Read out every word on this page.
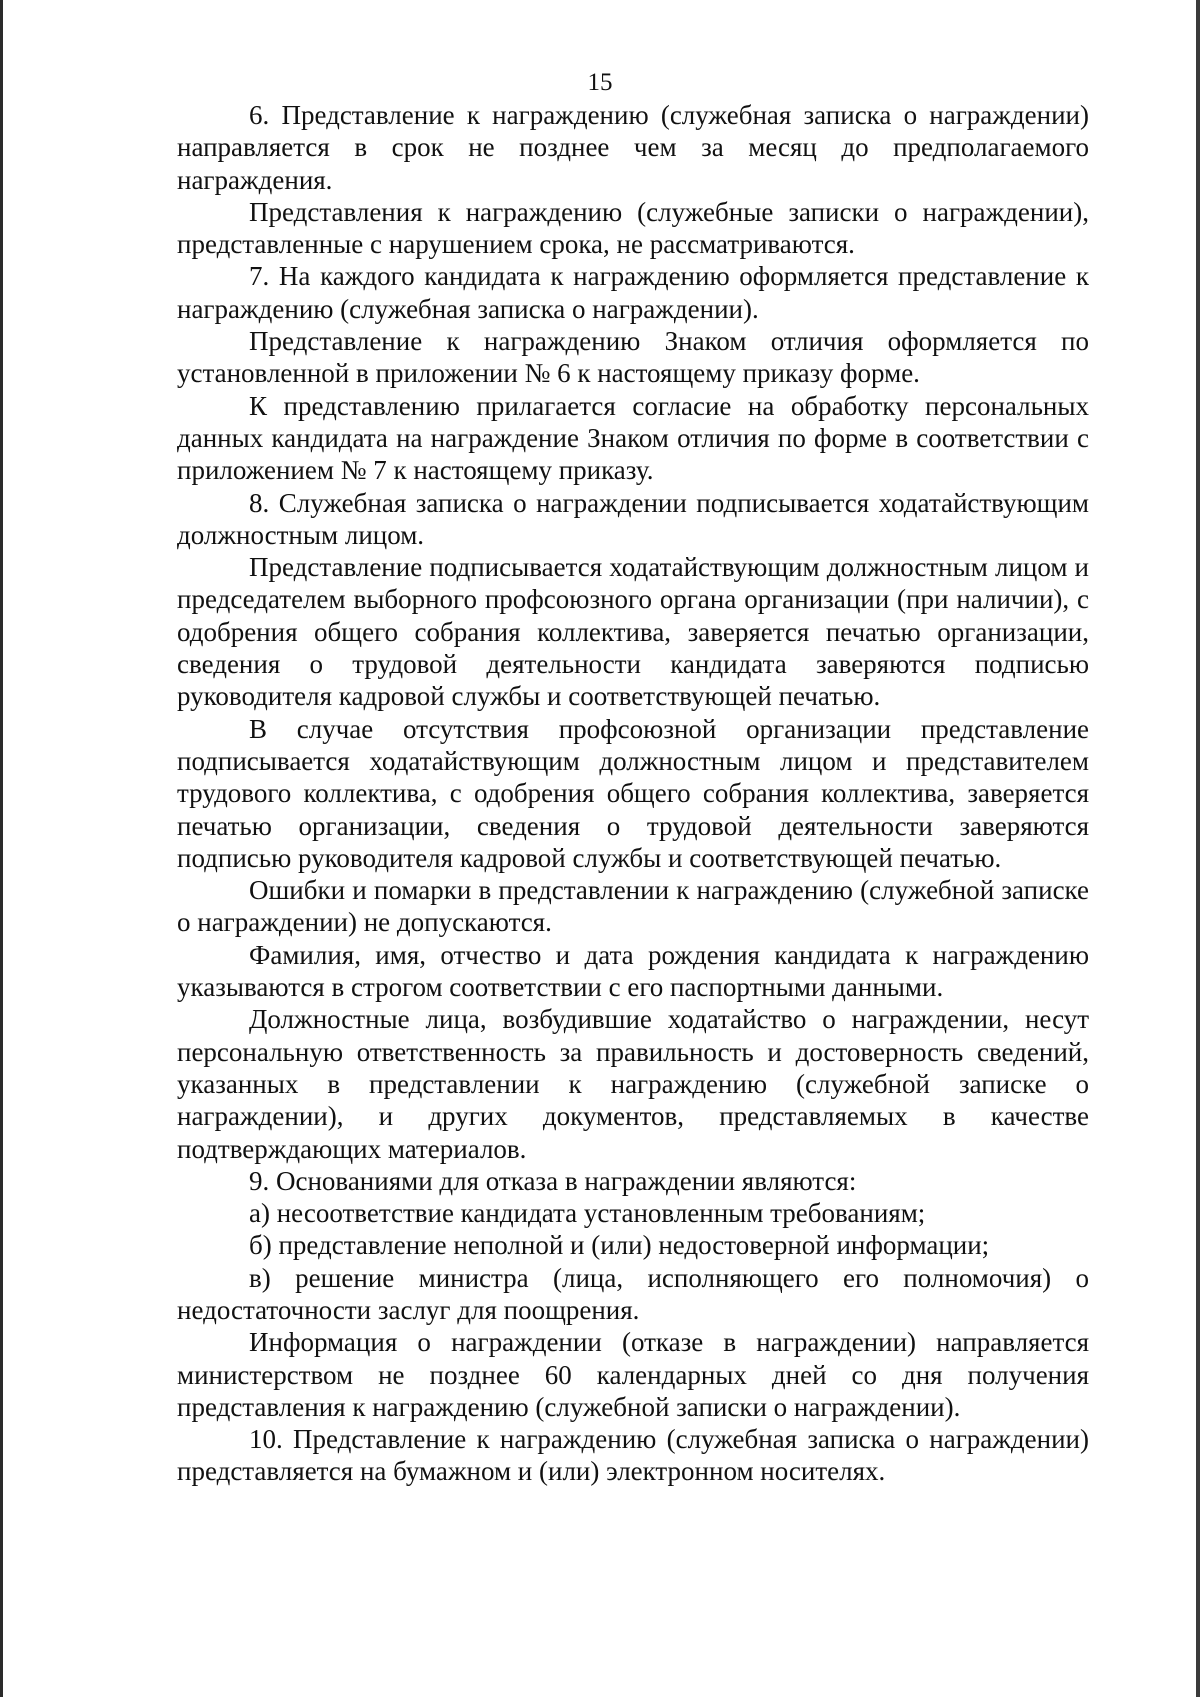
15

6. Представление к награждению (служебная записка о награждении) направляется в срок не позднее чем за месяц до предполагаемого награждения.

Представления к награждению (служебные записки о награждении), представленные с нарушением срока, не рассматриваются.

7. На каждого кандидата к награждению оформляется представление к награждению (служебная записка о награждении).

Представление к награждению Знаком отличия оформляется по установленной в приложении № 6 к настоящему приказу форме.

К представлению прилагается согласие на обработку персональных данных кандидата на награждение Знаком отличия по форме в соответствии с приложением № 7 к настоящему приказу.

8. Служебная записка о награждении подписывается ходатайствующим должностным лицом.

Представление подписывается ходатайствующим должностным лицом и председателем выборного профсоюзного органа организации (при наличии), с одобрения общего собрания коллектива, заверяется печатью организации, сведения о трудовой деятельности кандидата заверяются подписью руководителя кадровой службы и соответствующей печатью.

В случае отсутствия профсоюзной организации представление подписывается ходатайствующим должностным лицом и представителем трудового коллектива, с одобрения общего собрания коллектива, заверяется печатью организации, сведения о трудовой деятельности заверяются подписью руководителя кадровой службы и соответствующей печатью.

Ошибки и помарки в представлении к награждению (служебной записке о награждении) не допускаются.

Фамилия, имя, отчество и дата рождения кандидата к награждению указываются в строгом соответствии с его паспортными данными.

Должностные лица, возбудившие ходатайство о награждении, несут персональную ответственность за правильность и достоверность сведений, указанных в представлении к награждению (служебной записке о награждении), и других документов, представляемых в качестве подтверждающих материалов.

9. Основаниями для отказа в награждении являются:

а) несоответствие кандидата установленным требованиям;

б) представление неполной и (или) недостоверной информации;

в) решение министра (лица, исполняющего его полномочия) о недостаточности заслуг для поощрения.

Информация о награждении (отказе в награждении) направляется министерством не позднее 60 календарных дней со дня получения представления к награждению (служебной записки о награждении).

10. Представление к награждению (служебная записка о награждении) представляется на бумажном и (или) электронном носителях.
